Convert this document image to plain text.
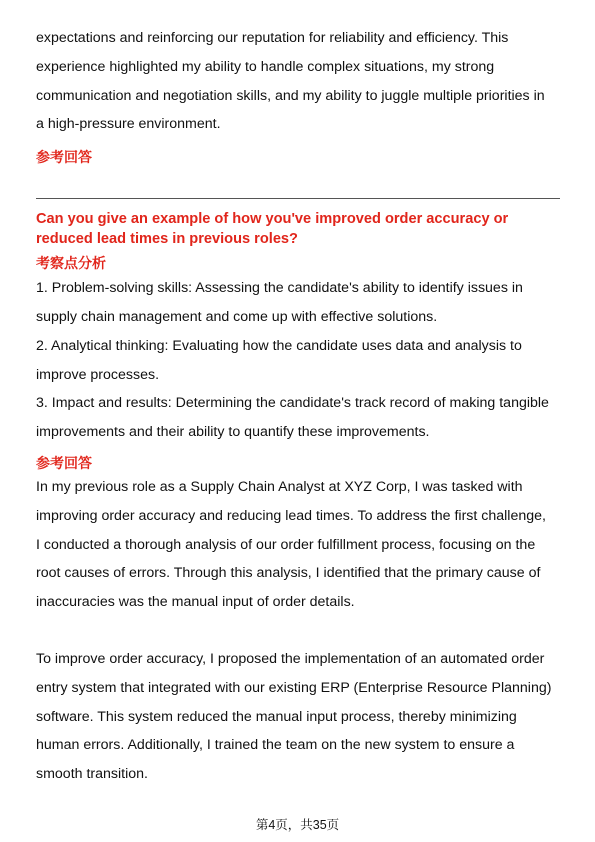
expectations and reinforcing our reputation for reliability and efficiency. This

experience highlighted my ability to handle complex situations, my strong

communication and negotiation skills, and my ability to juggle multiple priorities in

a high-pressure environment.

参考回答

Can you give an example of how you've improved order accuracy or

reduced lead times in previous roles?

考察点分析

1. Problem-solving skills: Assessing the candidate's ability to identify issues in

supply chain management and come up with effective solutions.

2. Analytical thinking: Evaluating how the candidate uses data and analysis to

improve processes.

3. Impact and results: Determining the candidate's track record of making tangible

improvements and their ability to quantify these improvements.

参考回答

In my previous role as a Supply Chain Analyst at XYZ Corp, I was tasked with

improving order accuracy and reducing lead times. To address the first challenge,

I conducted a thorough analysis of our order fulfillment process, focusing on the

root causes of errors. Through this analysis, I identified that the primary cause of

inaccuracies was the manual input of order details.

To improve order accuracy, I proposed the implementation of an automated order

entry system that integrated with our existing ERP (Enterprise Resource Planning)

software. This system reduced the manual input process, thereby minimizing

human errors. Additionally, I trained the team on the new system to ensure a

smooth transition.

第4页，共35页
